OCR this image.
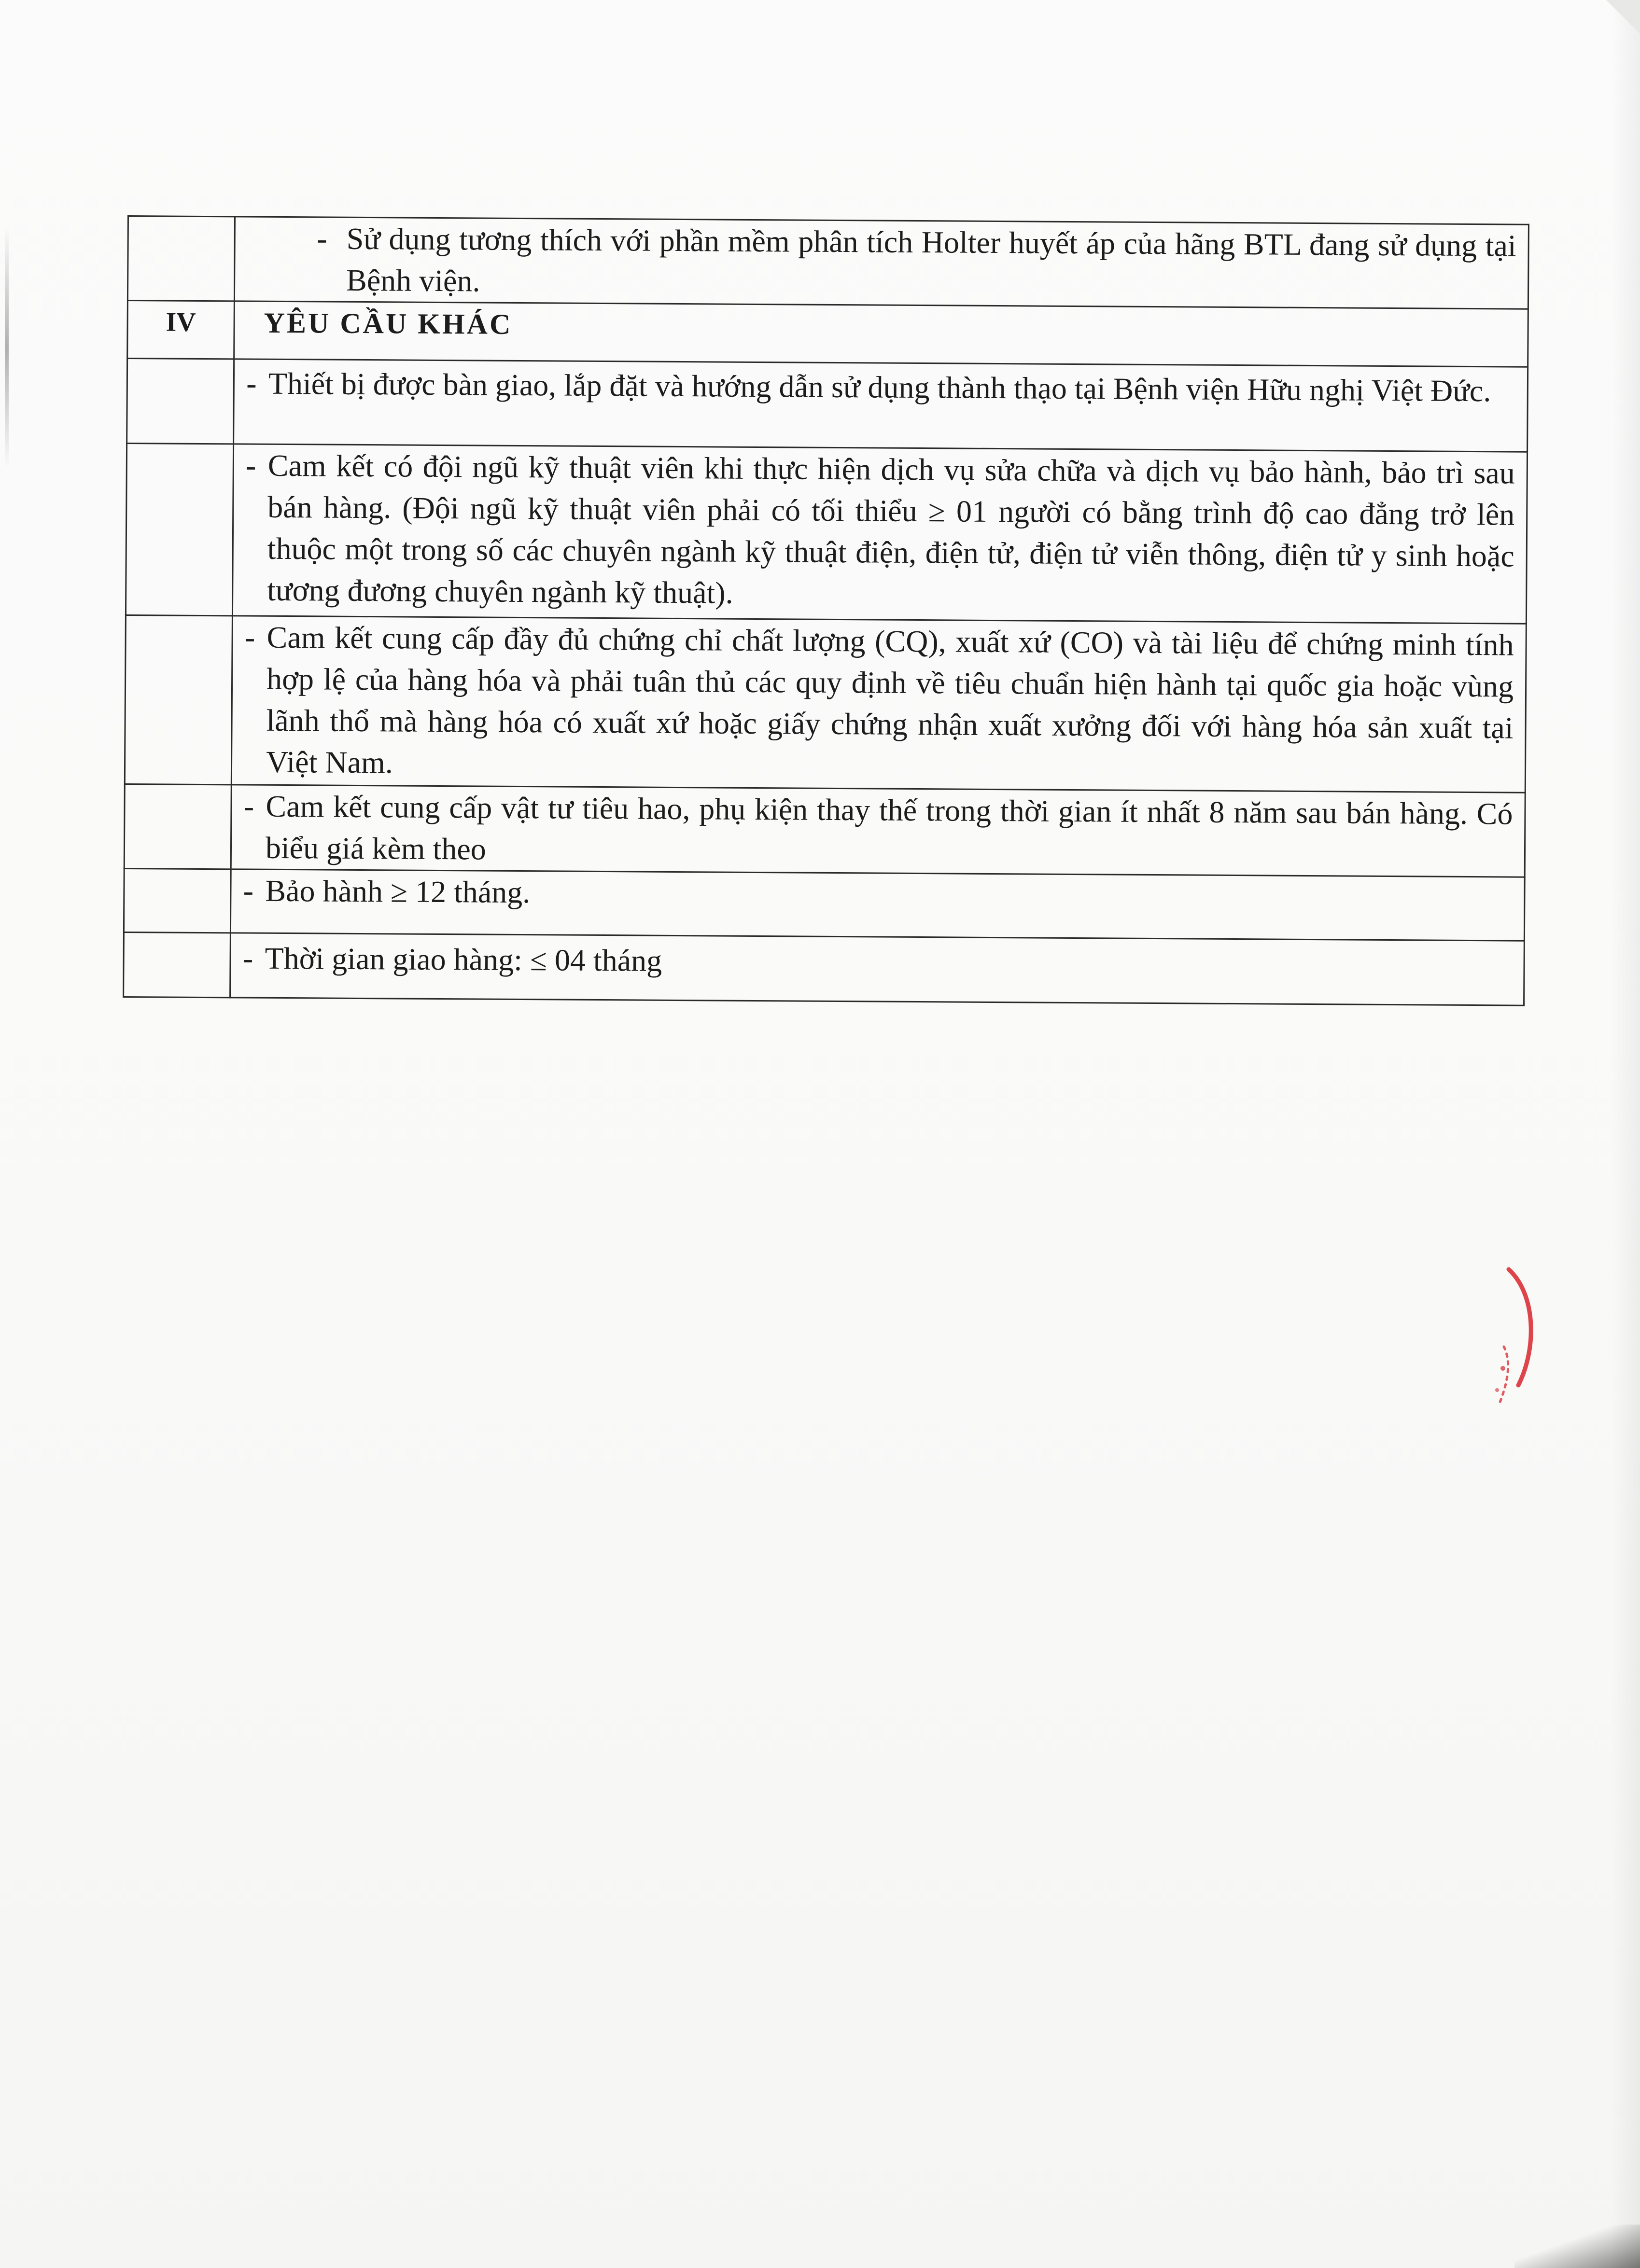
	- Sử dụng tương thích với phần mềm phân tích Holter huyết áp của hãng BTL đang sử dụng tại Bệnh viện.

IV	YÊU CẦU KHÁC

	- Thiết bị được bàn giao, lắp đặt và hướng dẫn sử dụng thành thạo tại Bệnh viện Hữu nghị Việt Đức.

	- Cam kết có đội ngũ kỹ thuật viên khi thực hiện dịch vụ sửa chữa và dịch vụ bảo hành, bảo trì sau bán hàng. (Đội ngũ kỹ thuật viên phải có tối thiểu ≥ 01 người có bằng trình độ cao đẳng trở lên thuộc một trong số các chuyên ngành kỹ thuật điện, điện tử, điện tử viễn thông, điện tử y sinh hoặc tương đương chuyên ngành kỹ thuật).

	- Cam kết cung cấp đầy đủ chứng chỉ chất lượng (CQ), xuất xứ (CO) và tài liệu để chứng minh tính hợp lệ của hàng hóa và phải tuân thủ các quy định về tiêu chuẩn hiện hành tại quốc gia hoặc vùng lãnh thổ mà hàng hóa có xuất xứ hoặc giấy chứng nhận xuất xưởng đối với hàng hóa sản xuất tại Việt Nam.

	- Cam kết cung cấp vật tư tiêu hao, phụ kiện thay thế trong thời gian ít nhất 8 năm sau bán hàng. Có biểu giá kèm theo

	- Bảo hành ≥ 12 tháng.

	- Thời gian giao hàng: ≤ 04 tháng
